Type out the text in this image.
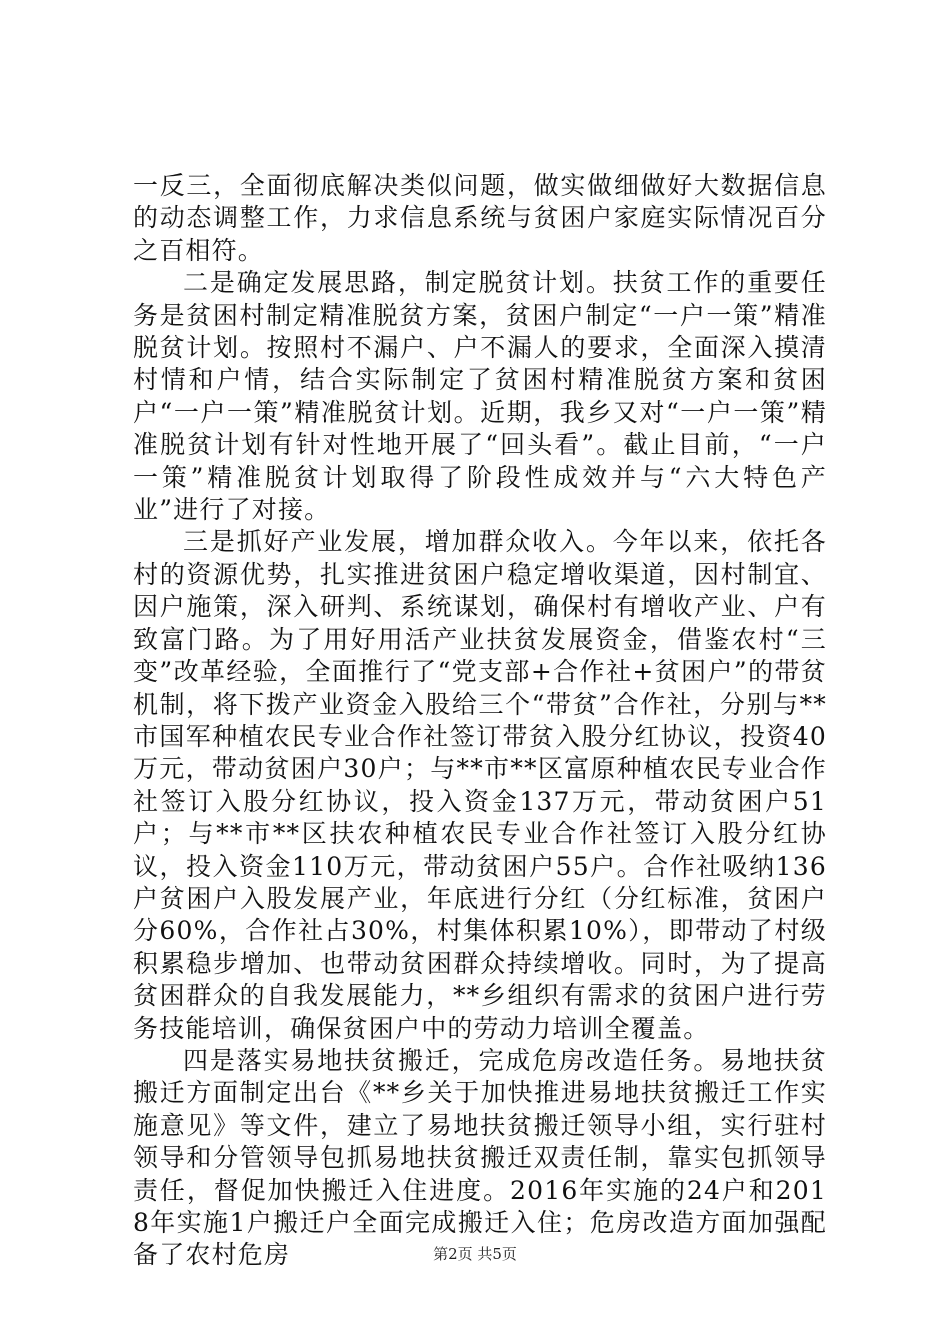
一反三，全面彻底解决类似问题，做实做细做好大数据信息的动态调整工作，力求信息系统与贫困户家庭实际情况百分之百相符。

二是确定发展思路，制定脱贫计划。扶贫工作的重要任务是贫困村制定精准脱贫方案，贫困户制定“一户一策”精准脱贫计划。按照村不漏户、户不漏人的要求，全面深入摸清村情和户情，结合实际制定了贫困村精准脱贫方案和贫困户“一户一策”精准脱贫计划。近期，我乡又对“一户一策”精准脱贫计划有针对性地开展了“回头看”。截止目前，“一户一策”精准脱贫计划取得了阶段性成效并与“六大特色产业”进行了对接。

三是抓好产业发展，增加群众收入。今年以来，依托各村的资源优势，扎实推进贫困户稳定增收渠道，因村制宜、因户施策，深入研判、系统谋划，确保村有增收产业、户有致富门路。为了用好用活产业扶贫发展资金，借鉴农村“三变”改革经验，全面推行了“党支部+合作社+贫困户”的带贫机制，将下拨产业资金入股给三个“带贫”合作社，分别与**市国军种植农民专业合作社签订带贫入股分红协议，投资40万元，带动贫困户30户；与**市**区富原种植农民专业合作社签订入股分红协议，投入资金137万元，带动贫困户51户；与**市**区扶农种植农民专业合作社签订入股分红协议，投入资金110万元，带动贫困户55户。合作社吸纳136户贫困户入股发展产业，年底进行分红（分红标准，贫困户分60%，合作社占30%，村集体积累10%），即带动了村级积累稳步增加、也带动贫困群众持续增收。同时，为了提高贫困群众的自我发展能力，**乡组织有需求的贫困户进行劳务技能培训，确保贫困户中的劳动力培训全覆盖。

四是落实易地扶贫搬迁，完成危房改造任务。易地扶贫搬迁方面制定出台《**乡关于加快推进易地扶贫搬迁工作实施意见》等文件，建立了易地扶贫搬迁领导小组，实行驻村领导和分管领导包抓易地扶贫搬迁双责任制，靠实包抓领导责任，督促加快搬迁入住进度。2016年实施的24户和2018年实施1户搬迁户全面完成搬迁入住；危房改造方面加强配备了农村危房	第2页 共5页
